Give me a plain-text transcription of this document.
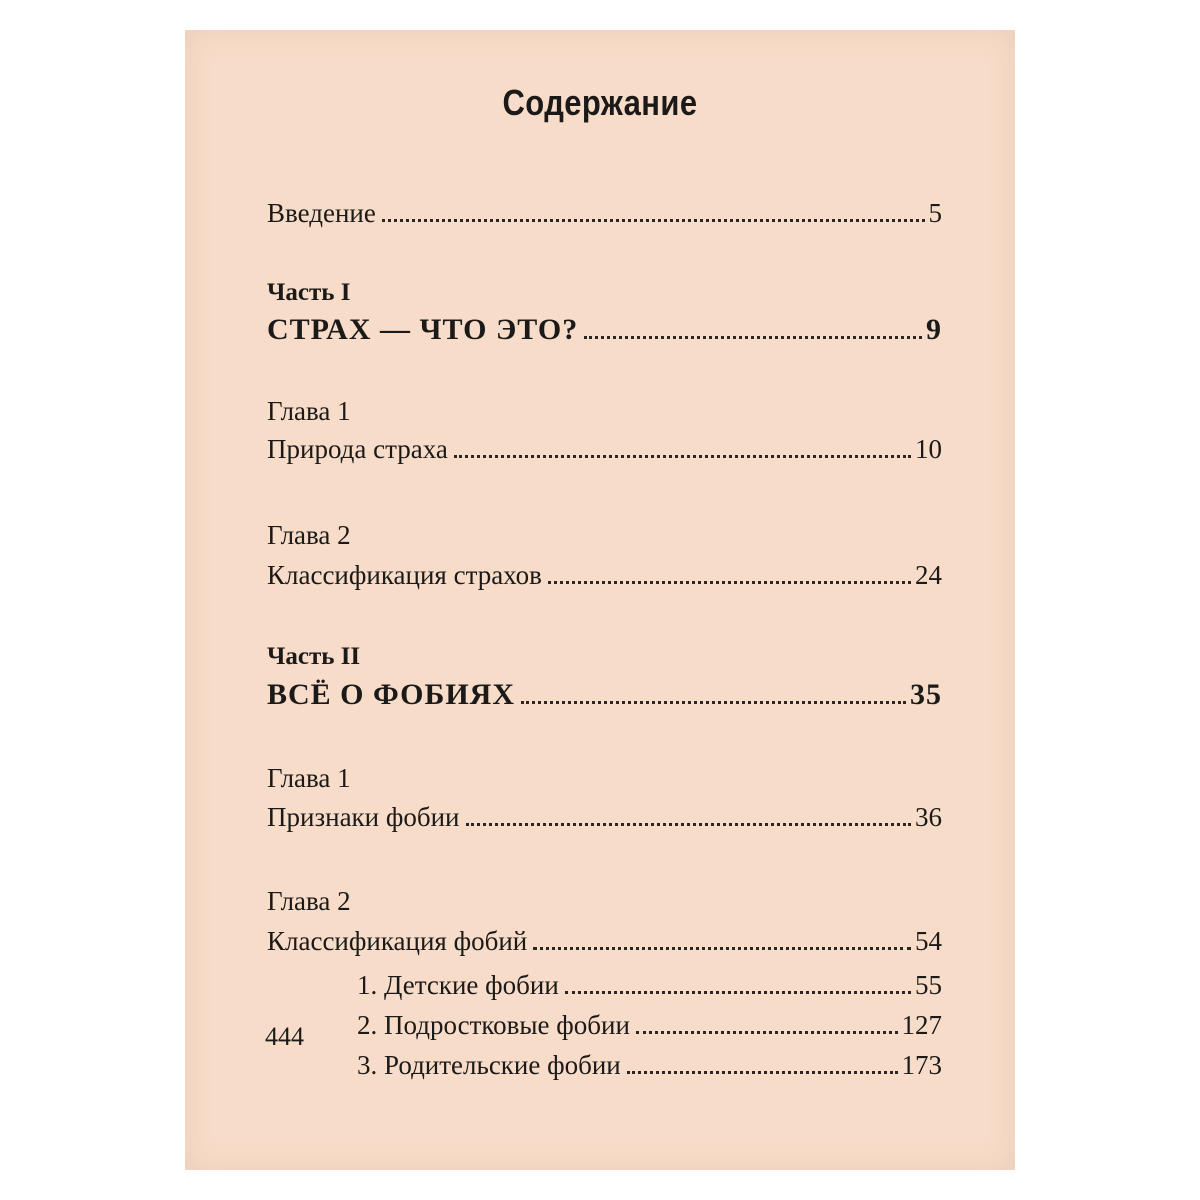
Содержание
Введение	5
Часть I
СТРАХ — ЧТО ЭТО?	9
Глава 1
Природа страха	10
Глава 2
Классификация страхов	24
Часть II
ВСЁ О ФОБИЯХ	35
Глава 1
Признаки фобии	36
Глава 2
Классификация фобий	54
1. Детские фобии	55
2. Подростковые фобии	127
3. Родительские фобии	173
444
